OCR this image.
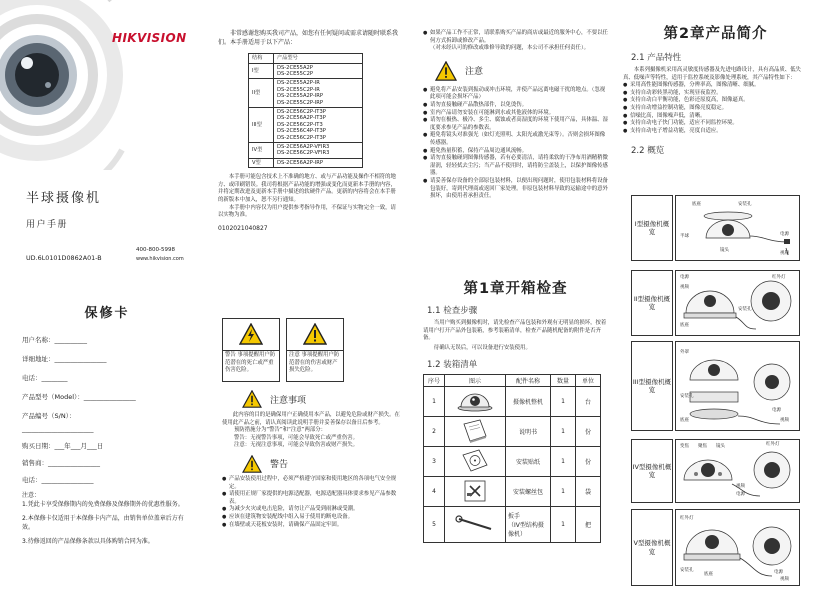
HIKVISION
半球摄像机
用户手册
UD.6L0101D0862A01-B
400-800-5998
www.hikvision.com

非常感谢您购买我司产品，如您有任何疑问或需求请随时联系我们。本手册适用于以下产品：

结构	产品型号
I型	DS-2CE55A2P
DS-2CE55C2P
II型	DS-2CE55A2P-IR
DS-2CE55C2P-IR
DS-2CE55A2P-IRP
DS-2CE55C2P-IRP
III型	DS-2CE56C2P-IT3P
DS-2CE56A2P-IT3P
DS-2CE56C2P-IT3
DS-2CE56C4P-IT3P
DS-2CE56C2P-IT3P
IV型	DS-2CE56A2P-VFIR3
DS-2CE56C2P-VFIR3
V型	DS-2CE56A2P-IRP

本手册可能包含技术上不准确的地方、或与产品功能及操作不相符的地方、或印刷错误。我司将根据产品功能的增强或变化而更新本手册的内容，并将定期改进及更新本手册中描述的软硬件产品。更新的内容将会在本手册的新版本中加入，恕不另行通知。

本手册中内容仅为用户提供参考指导作用，不保证与实物完全一致，请以实物为准。

0102021040827
保修卡
用户名称：__________
详细地址：________________
电话：________
产品型号（Model）：________________
产品编号（S/N）：
______________________
购买日期：___年___月___日
销售商：________________
电话：________________
注意：
1.凭此卡享受保修期内的免费保修及保修期外的优惠性服务。
2.本保修卡仅适用于本保修卡内产品，由销售单位盖章后方有效。
3.待修返回的产品保修条款以具体购销合同为准。
警告 事项提醒用户防范潜在的死亡或严重伤害危险。
注意 事项提醒用户防范潜在的伤害或财产损失危险。
注意事项

此内容的目的是确保用户正确使用本产品，以避免危险或财产损失。在使用此产品之前，请认真阅读此说明手册并妥善保存以备日后参考。

预防措施分为“警告”和“注意”两部分：
警告：无视警告事项，可能会导致死亡或严重伤害。
注意：无视注意事项，可能会导致伤害或财产损失。
警告
● 产品安装使用过程中，必须严格遵守国家和使用地区的各项电气安全规定。
● 请使用正规厂家提供的电源适配器，电源适配器具体要求参见产品参数表。
● 为减少火灾或电击危险，请勿让产品受到雨淋或受潮。
● 应该在建筑物安装配线中组入易于使用的断电设备。
● 在墙壁或天花板安装时，请确保产品固定牢固。
● 如果产品工作不正常，请联系购买产品的商店或最近的服务中心，不要以任何方式拆卸或修改产品。
（对未经认可的修改或维修导致的问题，本公司不承担任何责任）。
注意
● 避免将产品安装到振动或冲击环境，并使产品远离电磁干扰的地点。（忽视此项可能会损坏产品）
● 请勿直接触碰产品散热部件，以免烫伤。
● 室内产品请勿安装在可能淋到水或其他液体的环境。
● 请勿在极热、极冷、多尘、腐蚀或者高湿度的环境下使用产品，具体温、湿度要求参见产品的参数表。
● 避免将镜头对准强光（如灯光照明、太阳光或激光束等）。否则会损坏图像传感器。
● 避免热量积蓄，保持产品周边通风流畅。
● 请勿直接触碰到图像传感器，若有必要清洁，请将柔软的干净布用酒精稍微湿润，轻轻拭去尘污；当产品不使用时，请将防尘盖装上，以保护图像传感器。
● 请妥善保存设备的全部原包装材料，以便出现问题时，使用包装材料将设备包装好，寄到代理商或返回厂家处理。非原包装材料导致的运输途中的意外损坏，由使用者承担责任。
第1章开箱检查
1.1 检查步骤

当用户购买到摄像机时，请先检查产品包装和外观有无明显的损坏，按着请用户打开产品外包装箱，参考装箱清单，检查产品随机配备的附件是否齐备。

待确认无误后，可以设备进行安装使用。

1.2 装箱清单
序号	图示	配件名称	数量	单位
1		摄像机整机	1	台
2		说明书	1	份
3		安装贴纸	1	份
4		安装螺丝包	1	袋
5		扳手
（IV型结构摄像机）	1	把
第2章产品简介
2.1 产品特性

本系列摄像机采用高灵敏度传感器及先进电路设计，具有高品质、低失真、低噪声等特性，适用于监控系统及影像处理系统，其产品特性如下：

● 采用高性能图像传感器，分辨率高，图像清晰、细腻。
● 支持自动彩转黑功能，实现昼夜监控。
● 支持自动白平衡功能，色彩还原度高，图像逼真。
● 支持自动增益控制功能，图像亮度稳定。
● 信噪比高，图像噪声低，清晰。
● 支持自动电子快门功能，适应不同监控环境。
● 支持自动电子增益功能，亮度自适应。
2.2 概览
I型摄像机概览
底座	安装孔
半球	电源
视频
镜头
II型摄像机概览
红外灯
电源
视频
安装孔
底座
III型摄像机概览
外罩
电源
视频
安装孔
底座
IV型摄像机概览
变焦 聚焦 镜头	红外灯
视频
电源
V型摄像机概览
红外灯
安装孔
底座	电源
视频
